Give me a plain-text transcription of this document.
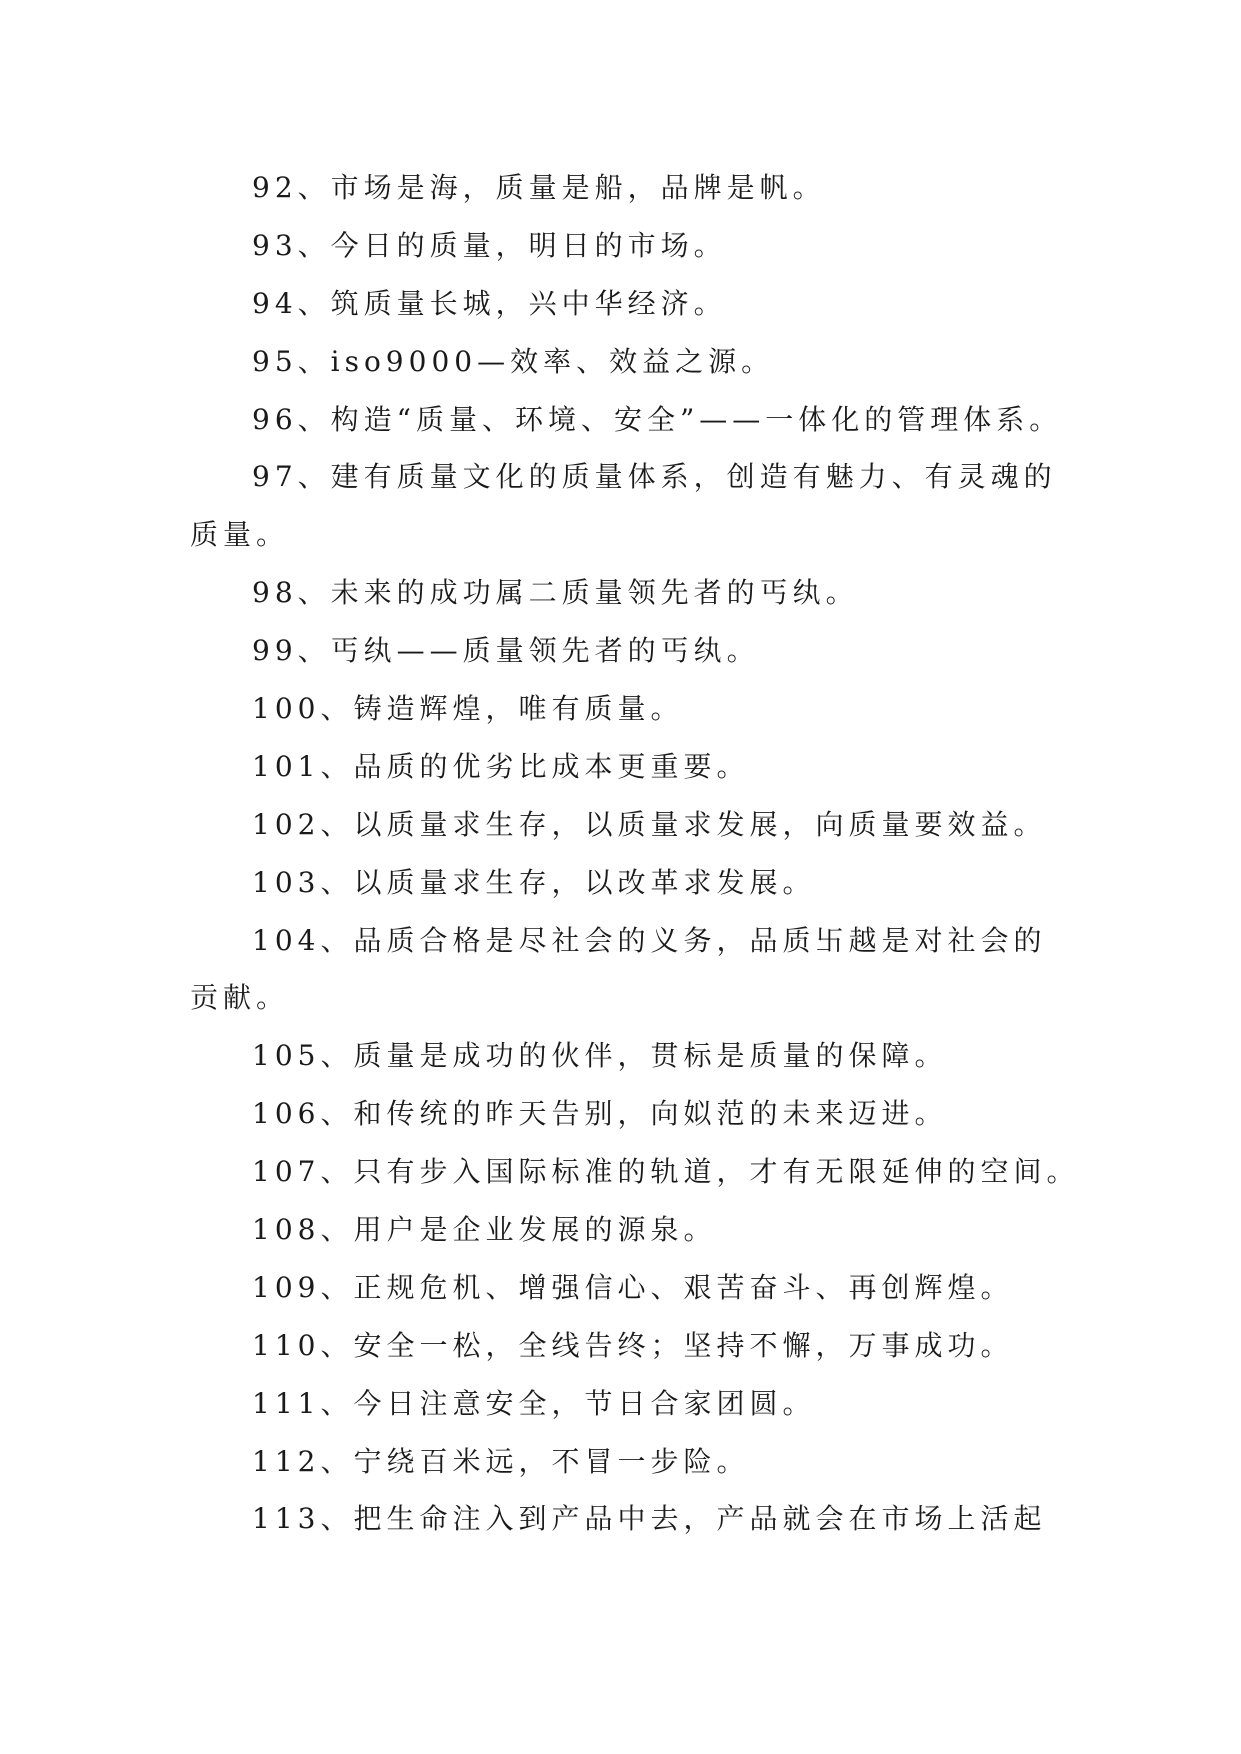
92、市场是海，质量是船，品牌是帆。
93、今日的质量，明日的市场。
94、筑质量长城，兴中华经济。
95、iso9000—效率、效益之源。
96、构造“质量、环境、安全”——一体化的管理体系。
97、建有质量文化的质量体系，创造有魅力、有灵魂的
质量。
98、未来的成功属二质量领先者的丐纨。
99、丐纨——质量领先者的丐纨。
100、铸造辉煌，唯有质量。
101、品质的优劣比成本更重要。
102、以质量求生存，以质量求发展，向质量要效益。
103、以质量求生存，以改革求发展。
104、品质合格是尽社会的义务，品质卐越是对社会的
贡献。
105、质量是成功的伙伴，贯标是质量的保障。
106、和传统的昨天告别，向姒范的未来迈进。
107、只有步入国际标准的轨道，才有无限延伸的空间。
108、用户是企业发展的源泉。
109、正规危机、增强信心、艰苦奋斗、再创辉煌。
110、安全一松，全线告终；坚持不懈，万事成功。
111、今日注意安全，节日合家团圆。
112、宁绕百米远，不冒一步险。
113、把生命注入到产品中去，产品就会在市场上活起
